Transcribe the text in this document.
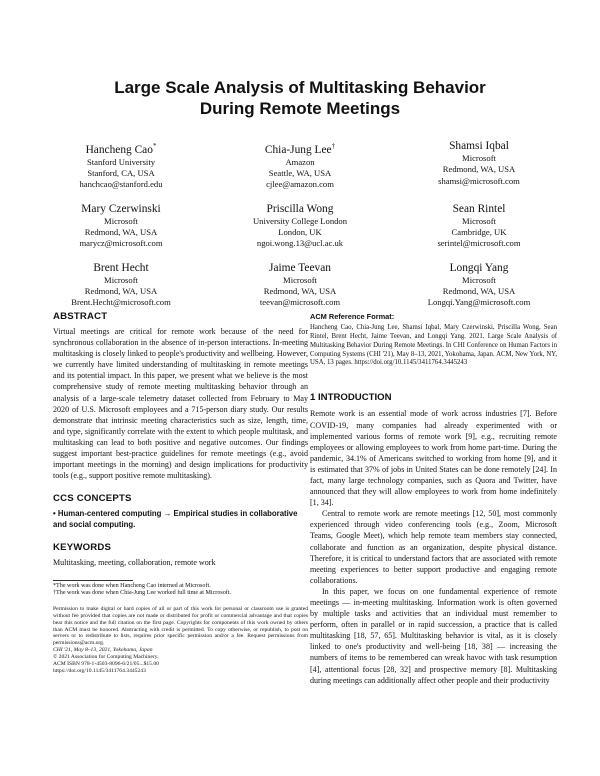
Large Scale Analysis of Multitasking Behavior
During Remote Meetings
Hancheng Cao*
Stanford University
Stanford, CA, USA
hanchcao@stanford.edu
Chia-Jung Lee†
Amazon
Seattle, WA, USA
cjlee@amazon.com
Shamsi Iqbal
Microsoft
Redmond, WA, USA
shamsi@microsoft.com
Mary Czerwinski
Microsoft
Redmond, WA, USA
marycz@microsoft.com
Priscilla Wong
University College London
London, UK
ngoi.wong.13@ucl.ac.uk
Sean Rintel
Microsoft
Cambridge, UK
serintel@microsoft.com
Brent Hecht
Microsoft
Redmond, WA, USA
Brent.Hecht@microsoft.com
Jaime Teevan
Microsoft
Redmond, WA, USA
teevan@microsoft.com
Longqi Yang
Microsoft
Redmond, WA, USA
Longqi.Yang@microsoft.com
ABSTRACT

Virtual meetings are critical for remote work because of the need for synchronous collaboration in the absence of in-person interactions. In-meeting multitasking is closely linked to people's productivity and wellbeing. However, we currently have limited understanding of multitasking in remote meetings and its potential impact. In this paper, we present what we believe is the most comprehensive study of remote meeting multitasking behavior through an analysis of a large-scale telemetry dataset collected from February to May 2020 of U.S. Microsoft employees and a 715-person diary study. Our results demonstrate that intrinsic meeting characteristics such as size, length, time, and type, significantly correlate with the extent to which people multitask, and multitasking can lead to both positive and negative outcomes. Our findings suggest important best-practice guidelines for remote meetings (e.g., avoid important meetings in the morning) and design implications for productivity tools (e.g., support positive remote multitasking).

CCS CONCEPTS
• Human-centered computing → Empirical studies in collaborative and social computing.
KEYWORDS

Multitasking, meeting, collaboration, remote work

*The work was done when Hancheng Cao interned at Microsoft.
†The work was done when Chia-Jung Lee worked full time at Microsoft.
Permission to make digital or hard copies of all or part of this work for personal or classroom use is granted without fee provided that copies are not made or distributed for profit or commercial advantage and that copies bear this notice and the full citation on the first page. Copyrights for components of this work owned by others than ACM must be honored. Abstracting with credit is permitted. To copy otherwise, or republish, to post on servers or to redistribute to lists, requires prior specific permission and/or a fee. Request permissions from permissions@acm.org.
CHI '21, May 8–13, 2021, Yokohama, Japan
© 2021 Association for Computing Machinery.
ACM ISBN 978-1-4503-8096-6/21/05...$15.00
https://doi.org/10.1145/3411764.3445243
ACM Reference Format:
Hancheng Cao, Chia-Jung Lee, Shamsi Iqbal, Mary Czerwinski, Priscilla Wong, Sean Rintel, Brent Hecht, Jaime Teevan, and Longqi Yang. 2021. Large Scale Analysis of Multitasking Behavior During Remote Meetings. In CHI Conference on Human Factors in Computing Systems (CHI '21), May 8–13, 2021, Yokohama, Japan. ACM, New York, NY, USA, 13 pages. https://doi.org/10.1145/3411764.3445243
1 INTRODUCTION

Remote work is an essential mode of work across industries [7]. Before COVID-19, many companies had already experimented with or implemented various forms of remote work [9], e.g., recruiting remote employees or allowing employees to work from home part-time. During the pandemic, 34.1% of Americans switched to working from home [9], and it is estimated that 37% of jobs in United States can be done remotely [24]. In fact, many large technology companies, such as Quora and Twitter, have announced that they will allow employees to work from home indefinitely [1, 34].

Central to remote work are remote meetings [12, 50], most commonly experienced through video conferencing tools (e.g., Zoom, Microsoft Teams, Google Meet), which help remote team members stay connected, collaborate and function as an organization, despite physical distance. Therefore, it is critical to understand factors that are associated with remote meeting experiences to better support productive and engaging remote collaborations.

In this paper, we focus on one fundamental experience of remote meetings — in-meeting multitasking. Information work is often governed by multiple tasks and activities that an individual must remember to perform, often in parallel or in rapid succession, a practice that is called multitasking [18, 57, 65]. Multitasking behavior is vital, as it is closely linked to one's productivity and well-being [18, 38] — increasing the numbers of items to be remembered can wreak havoc with task resumption [4], attentional focus [28, 32] and prospective memory [8]. Multitasking during meetings can additionally affect other people and their productivity
